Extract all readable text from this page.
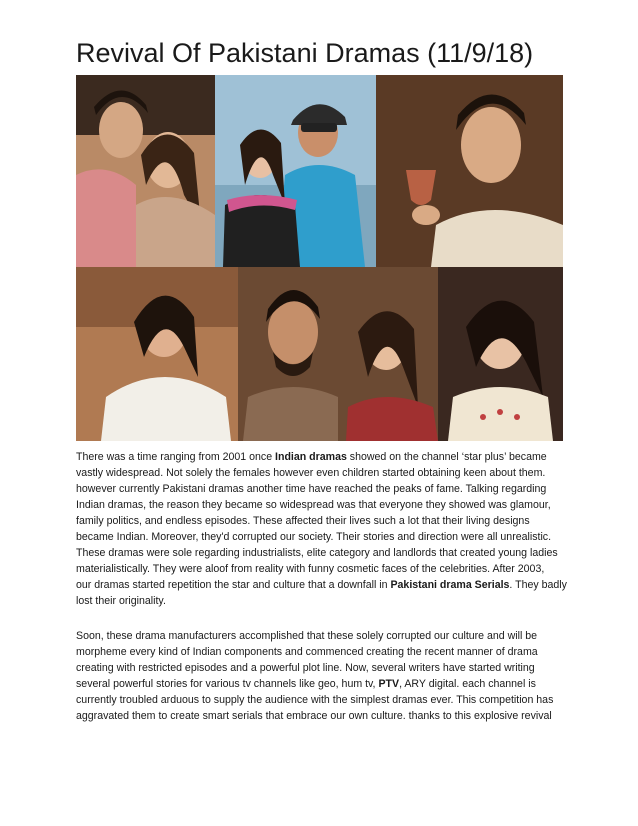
Revival Of Pakistani Dramas (11/9/18)
There was a time ranging from 2001 once Indian dramas showed on the channel ‘star plus’ became
vastly widespread. Not solely the females however even children started obtaining keen about them.
however currently Pakistani dramas another time have reached the peaks of fame. Talking regarding
Indian dramas, the reason they became so widespread was that everyone they showed was glamour,
family politics, and endless episodes. These affected their lives such a lot that their living designs
became Indian. Moreover, they'd corrupted our society. Their stories and direction were all unrealistic.
These dramas were sole regarding industrialists, elite category and landlords that created young ladies
materialistically. They were aloof from reality with funny cosmetic faces of the celebrities. After 2003,
our dramas started repetition the star and culture that a downfall in Pakistani drama Serials. They badly
lost their originality.
Soon, these drama manufacturers accomplished that these solely corrupted our culture and will be
morpheme every kind of Indian components and commenced creating the recent manner of drama
creating with restricted episodes and a powerful plot line. Now, several writers have started writing
several powerful stories for various tv channels like geo, hum tv, PTV, ARY digital. each channel is
currently troubled arduous to supply the audience with the simplest dramas ever. This competition has
aggravated them to create smart serials that embrace our own culture. thanks to this explosive revival
